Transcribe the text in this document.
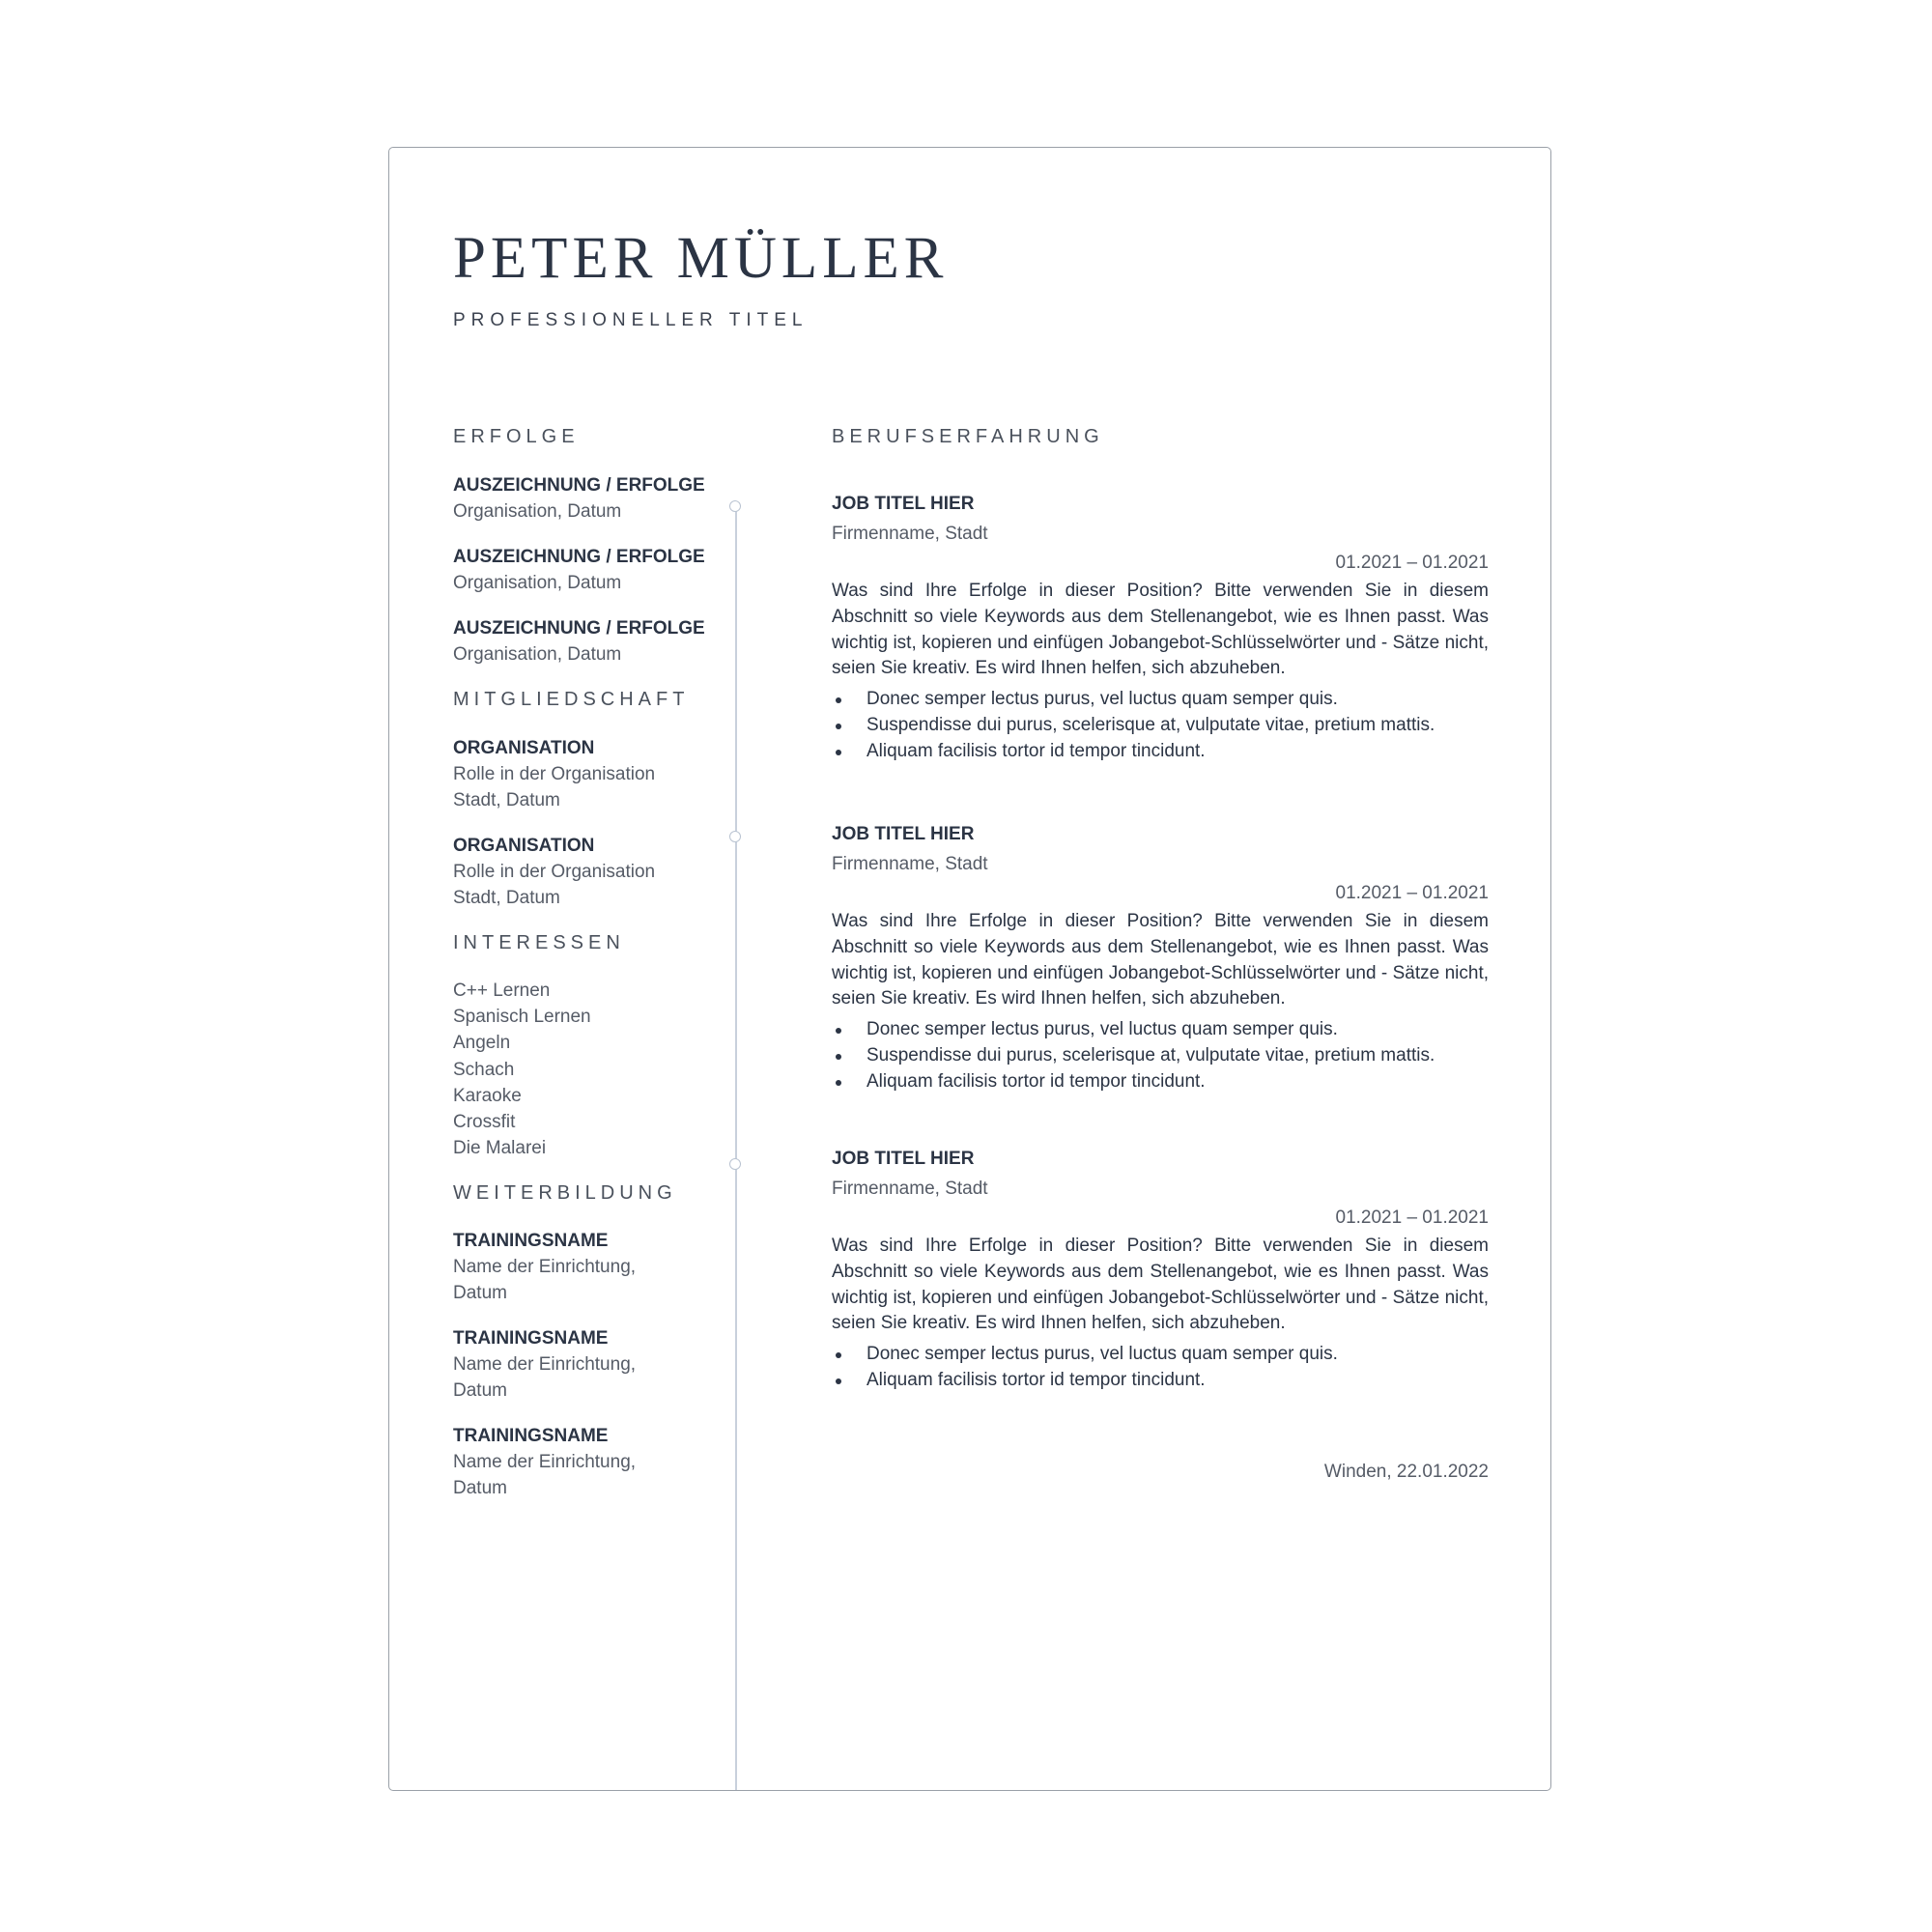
PETER MÜLLER
PROFESSIONELLER TITEL
ERFOLGE
AUSZEICHNUNG / ERFOLGE
Organisation, Datum
AUSZEICHNUNG / ERFOLGE
Organisation, Datum
AUSZEICHNUNG / ERFOLGE
Organisation, Datum
MITGLIEDSCHAFT
ORGANISATION
Rolle in der Organisation
Stadt, Datum
ORGANISATION
Rolle in der Organisation
Stadt, Datum
INTERESSEN
C++ Lernen
Spanisch Lernen
Angeln
Schach
Karaoke
Crossfit
Die Malarei
WEITERBILDUNG
TRAININGSNAME
Name der Einrichtung,
Datum
TRAININGSNAME
Name der Einrichtung,
Datum
TRAININGSNAME
Name der Einrichtung,
Datum
BERUFSERFAHRUNG
JOB TITEL HIER
Firmenname, Stadt
01.2021 – 01.2021

Was sind Ihre Erfolge in dieser Position? Bitte verwenden Sie in diesem Abschnitt so viele Keywords aus dem Stellenangebot, wie es Ihnen passt. Was wichtig ist, kopieren und einfügen Jobangebot-Schlüsselwörter und - Sätze nicht, seien Sie kreativ. Es wird Ihnen helfen, sich abzuheben.

Donec semper lectus purus, vel luctus quam semper quis.
Suspendisse dui purus, scelerisque at, vulputate vitae, pretium mattis.
Aliquam facilisis tortor id tempor tincidunt.
JOB TITEL HIER
Firmenname, Stadt
01.2021 – 01.2021

Was sind Ihre Erfolge in dieser Position? Bitte verwenden Sie in diesem Abschnitt so viele Keywords aus dem Stellenangebot, wie es Ihnen passt. Was wichtig ist, kopieren und einfügen Jobangebot-Schlüsselwörter und - Sätze nicht, seien Sie kreativ. Es wird Ihnen helfen, sich abzuheben.

Donec semper lectus purus, vel luctus quam semper quis.
Suspendisse dui purus, scelerisque at, vulputate vitae, pretium mattis.
Aliquam facilisis tortor id tempor tincidunt.
JOB TITEL HIER
Firmenname, Stadt
01.2021 – 01.2021

Was sind Ihre Erfolge in dieser Position? Bitte verwenden Sie in diesem Abschnitt so viele Keywords aus dem Stellenangebot, wie es Ihnen passt. Was wichtig ist, kopieren und einfügen Jobangebot-Schlüsselwörter und - Sätze nicht, seien Sie kreativ. Es wird Ihnen helfen, sich abzuheben.

Donec semper lectus purus, vel luctus quam semper quis.
Aliquam facilisis tortor id tempor tincidunt.
Winden, 22.01.2022
